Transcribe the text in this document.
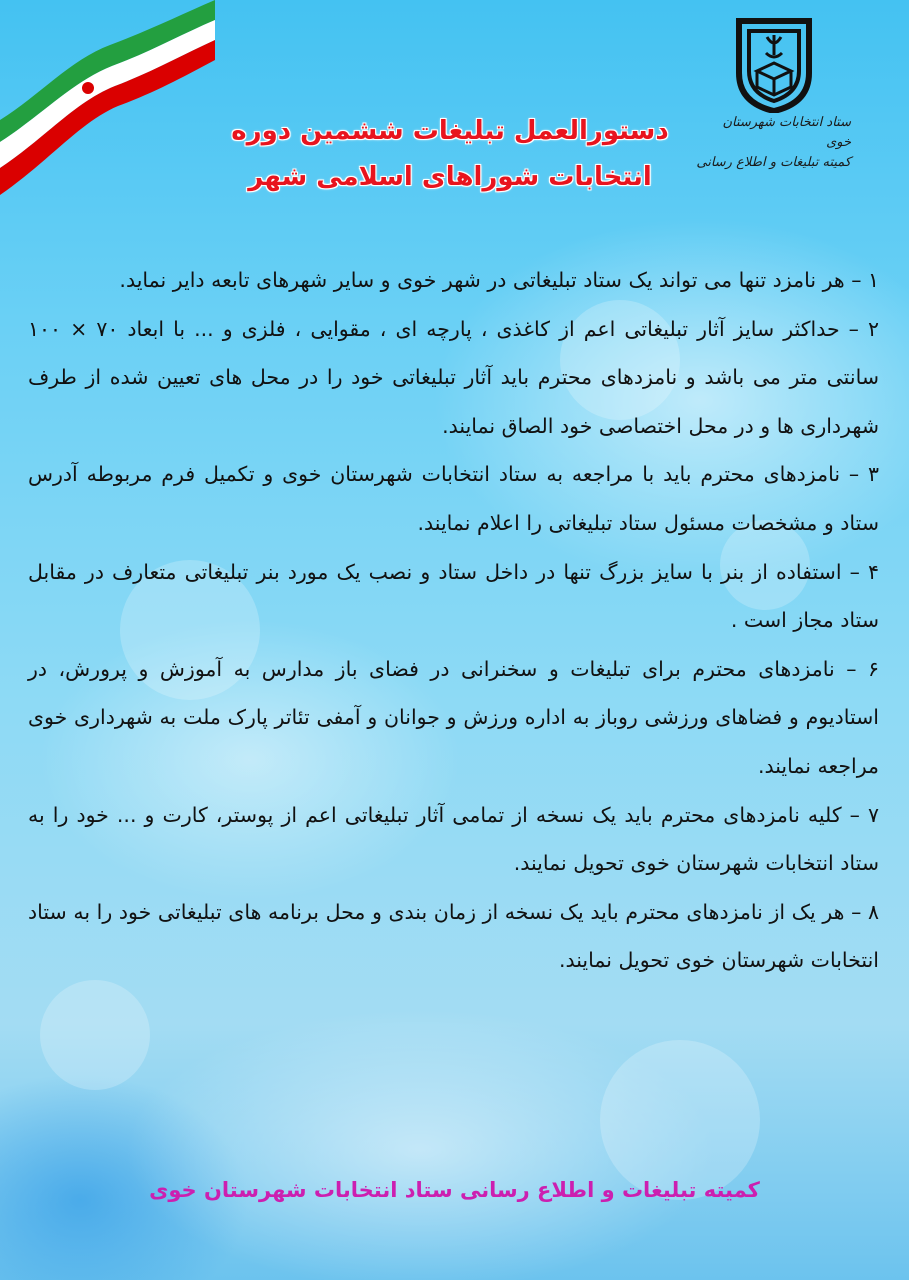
ستاد انتخابات شهرستان خوی
کمیته تبلیغات و اطلاع رسانی
دستورالعمل تبلیغات ششمین دوره
انتخابات شوراهای اسلامی شهر

۱ – هر نامزد تنها می تواند یک ستاد تبلیغاتی در شهر خوی و سایر شهرهای تابعه دایر نماید.

۲ – حداکثر سایز آثار تبلیغاتی اعم از کاغذی ، پارچه ای ، مقوایی ، فلزی و ... با ابعاد ۷۰ × ۱۰۰ سانتی متر می باشد و نامزدهای محترم باید آثار تبلیغاتی خود را در محل های تعیین شده از طرف شهرداری ها و در محل اختصاصی خود الصاق نمایند.

۳ – نامزدهای محترم باید با مراجعه به ستاد انتخابات شهرستان خوی و تکمیل فرم مربوطه آدرس ستاد و مشخصات مسئول ستاد تبلیغاتی را اعلام نمایند.

۴ – استفاده از بنر با سایز بزرگ تنها در داخل ستاد و نصب یک مورد بنر تبلیغاتی متعارف در مقابل ستاد مجاز است .

۶ – نامزدهای محترم برای تبلیغات و سخنرانی در فضای باز مدارس به آموزش و پرورش، در استادیوم و فضاهای ورزشی روباز به اداره ورزش و جوانان و آمفی تئاتر پارک ملت به شهرداری خوی مراجعه نمایند.

۷ – کلیه نامزدهای محترم باید یک نسخه از تمامی آثار تبلیغاتی اعم از پوستر، کارت و ... خود را به ستاد انتخابات شهرستان خوی تحویل نمایند.

۸ – هر یک از نامزدهای محترم باید یک نسخه از زمان بندی و محل برنامه های تبلیغاتی خود را به ستاد انتخابات شهرستان خوی تحویل نمایند.

کمیته تبلیغات و اطلاع رسانی ستاد انتخابات شهرستان خوی
